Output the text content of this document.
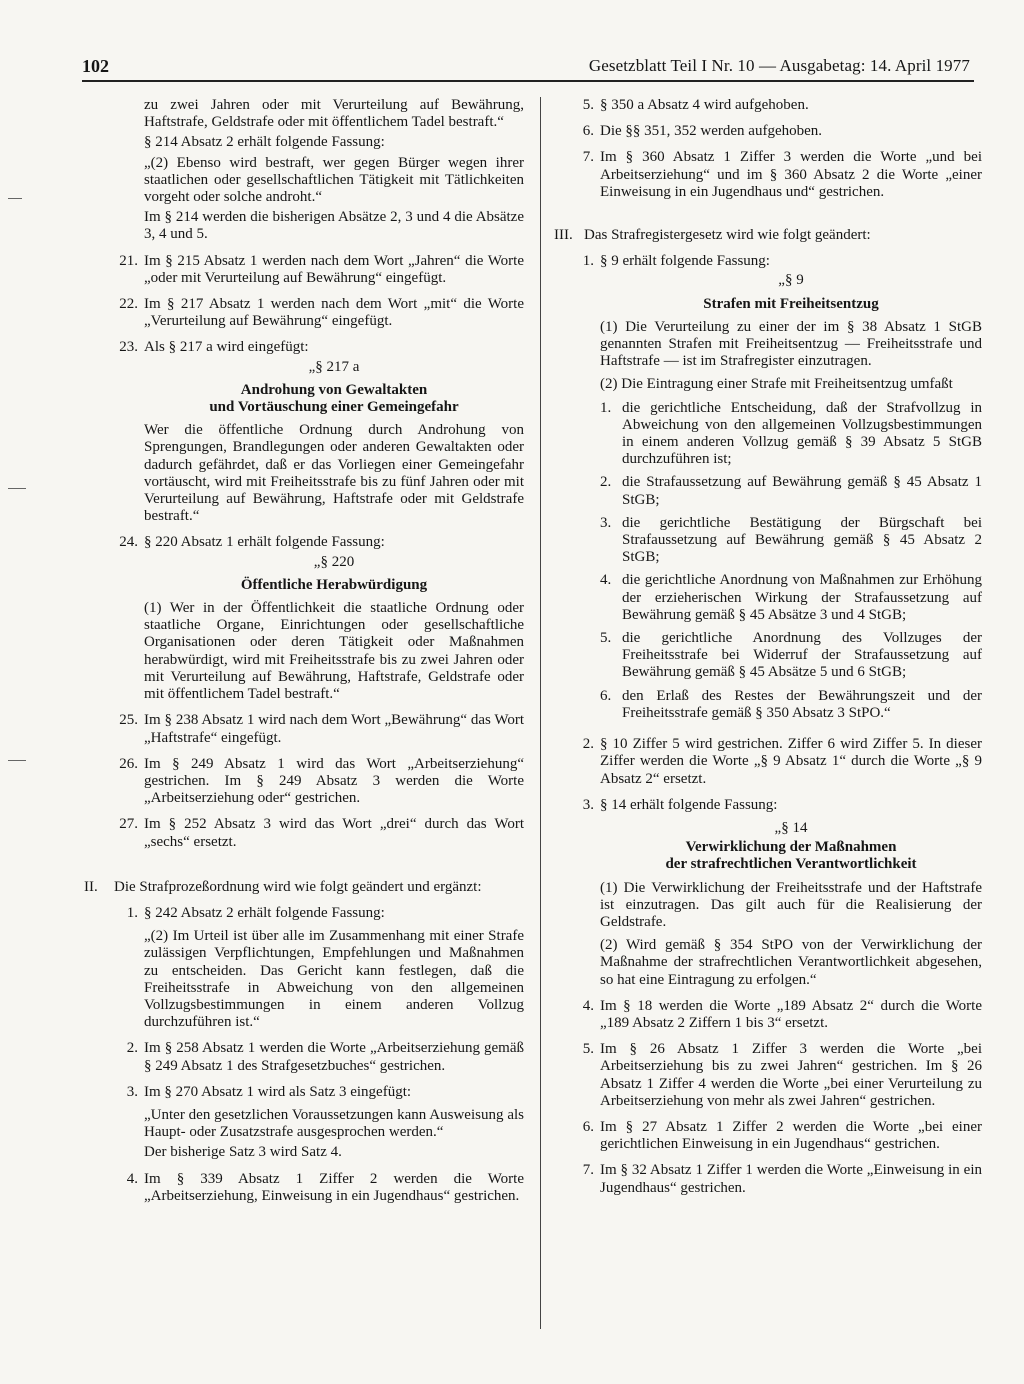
102	Gesetzblatt Teil I Nr. 10 — Ausgabetag: 14. April 1977

zu zwei Jahren oder mit Verurteilung auf Bewährung, Haftstrafe, Geldstrafe oder mit öffentlichem Tadel bestraft.“

§ 214 Absatz 2 erhält folgende Fassung:

„(2) Ebenso wird bestraft, wer gegen Bürger wegen ihrer staatlichen oder gesellschaftlichen Tätigkeit mit Tätlichkeiten vorgeht oder solche androht.“

Im § 214 werden die bisherigen Absätze 2, 3 und 4 die Absätze 3, 4 und 5.

21. Im § 215 Absatz 1 werden nach dem Wort „Jahren“ die Worte „oder mit Verurteilung auf Bewährung“ eingefügt.
22. Im § 217 Absatz 1 werden nach dem Wort „mit“ die Worte „Verurteilung auf Bewährung“ eingefügt.
23. Als § 217 a wird eingefügt:
„§ 217 a
Androhung von Gewaltakten
und Vortäuschung einer Gemeingefahr

Wer die öffentliche Ordnung durch Androhung von Sprengungen, Brandlegungen oder anderen Gewaltakten oder dadurch gefährdet, daß er das Vorliegen einer Gemeingefahr vortäuscht, wird mit Freiheitsstrafe bis zu fünf Jahren oder mit Verurteilung auf Bewährung, Haftstrafe oder mit Geldstrafe bestraft.“

24. § 220 Absatz 1 erhält folgende Fassung:
„§ 220
Öffentliche Herabwürdigung

(1) Wer in der Öffentlichkeit die staatliche Ordnung oder staatliche Organe, Einrichtungen oder gesellschaftliche Organisationen oder deren Tätigkeit oder Maßnahmen herabwürdigt, wird mit Freiheitsstrafe bis zu zwei Jahren oder mit Verurteilung auf Bewährung, Haftstrafe, Geldstrafe oder mit öffentlichem Tadel bestraft.“

25. Im § 238 Absatz 1 wird nach dem Wort „Bewährung“ das Wort „Haftstrafe“ eingefügt.
26. Im § 249 Absatz 1 wird das Wort „Arbeitserziehung“ gestrichen. Im § 249 Absatz 3 werden die Worte „Arbeitserziehung oder“ gestrichen.
27. Im § 252 Absatz 3 wird das Wort „drei“ durch das Wort „sechs“ ersetzt.
II.	Die Strafprozeßordnung wird wie folgt geändert und ergänzt:
1. § 242 Absatz 2 erhält folgende Fassung:

„(2) Im Urteil ist über alle im Zusammenhang mit einer Strafe zulässigen Verpflichtungen, Empfehlungen und Maßnahmen zu entscheiden. Das Gericht kann festlegen, daß die Freiheitsstrafe in Abweichung von den allgemeinen Vollzugsbestimmungen in einem anderen Vollzug durchzuführen ist.“

2. Im § 258 Absatz 1 werden die Worte „Arbeitserziehung gemäß § 249 Absatz 1 des Strafgesetzbuches“ gestrichen.
3. Im § 270 Absatz 1 wird als Satz 3 eingefügt:

„Unter den gesetzlichen Voraussetzungen kann Ausweisung als Haupt- oder Zusatzstrafe ausgesprochen werden.“

Der bisherige Satz 3 wird Satz 4.

4. Im § 339 Absatz 1 Ziffer 2 werden die Worte „Arbeitserziehung, Einweisung in ein Jugendhaus“ gestrichen.
5. § 350 a Absatz 4 wird aufgehoben.
6. Die §§ 351, 352 werden aufgehoben.
7. Im § 360 Absatz 1 Ziffer 3 werden die Worte „und bei Arbeitserziehung“ und im § 360 Absatz 2 die Worte „einer Einweisung in ein Jugendhaus und“ gestrichen.
III. Das Strafregistergesetz wird wie folgt geändert:
1. § 9 erhält folgende Fassung:
„§ 9
Strafen mit Freiheitsentzug

(1) Die Verurteilung zu einer der im § 38 Absatz 1 StGB genannten Strafen mit Freiheitsentzug — Freiheitsstrafe und Haftstrafe — ist im Strafregister einzutragen.

(2) Die Eintragung einer Strafe mit Freiheitsentzug umfaßt

1. die gerichtliche Entscheidung, daß der Strafvollzug in Abweichung von den allgemeinen Vollzugsbestimmungen in einem anderen Vollzug gemäß § 39 Absatz 5 StGB durchzuführen ist;
2. die Strafaussetzung auf Bewährung gemäß § 45 Absatz 1 StGB;
3. die gerichtliche Bestätigung der Bürgschaft bei Strafaussetzung auf Bewährung gemäß § 45 Absatz 2 StGB;
4. die gerichtliche Anordnung von Maßnahmen zur Erhöhung der erzieherischen Wirkung der Strafaussetzung auf Bewährung gemäß § 45 Absätze 3 und 4 StGB;
5. die gerichtliche Anordnung des Vollzuges der Freiheitsstrafe bei Widerruf der Strafaussetzung auf Bewährung gemäß § 45 Absätze 5 und 6 StGB;
6. den Erlaß des Restes der Bewährungszeit und der Freiheitsstrafe gemäß § 350 Absatz 3 StPO.“
2. § 10 Ziffer 5 wird gestrichen. Ziffer 6 wird Ziffer 5. In dieser Ziffer werden die Worte „§ 9 Absatz 1“ durch die Worte „§ 9 Absatz 2“ ersetzt.
3. § 14 erhält folgende Fassung:
„§ 14
Verwirklichung der Maßnahmen
der strafrechtlichen Verantwortlichkeit

(1) Die Verwirklichung der Freiheitsstrafe und der Haftstrafe ist einzutragen. Das gilt auch für die Realisierung der Geldstrafe.

(2) Wird gemäß § 354 StPO von der Verwirklichung der Maßnahme der strafrechtlichen Verantwortlichkeit abgesehen, so hat eine Eintragung zu erfolgen.“

4. Im § 18 werden die Worte „189 Absatz 2“ durch die Worte „189 Absatz 2 Ziffern 1 bis 3“ ersetzt.
5. Im § 26 Absatz 1 Ziffer 3 werden die Worte „bei Arbeitserziehung bis zu zwei Jahren“ gestrichen. Im § 26 Absatz 1 Ziffer 4 werden die Worte „bei einer Verurteilung zu Arbeitserziehung von mehr als zwei Jahren“ gestrichen.
6. Im § 27 Absatz 1 Ziffer 2 werden die Worte „bei einer gerichtlichen Einweisung in ein Jugendhaus“ gestrichen.
7. Im § 32 Absatz 1 Ziffer 1 werden die Worte „Einweisung in ein Jugendhaus“ gestrichen.
